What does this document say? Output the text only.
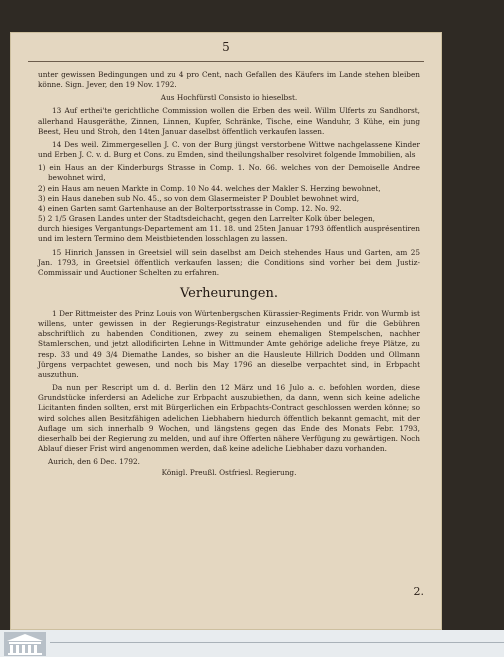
5

unter gewissen Bedingungen und zu 4 pro Cent, nach Gefallen des Käufers im Lande stehen bleiben könne. Sign. Jever, den 19 Nov. 1792.

Aus Hochfürstl Consisto io hieselbst.

13 Auf erthei'te gerichtliche Commission wollen die Erben des weil. Willm Ulferts zu Sandhorst, allerhand Hausgeräthe, Zinnen, Linnen, Kupfer, Schränke, Tische, eine Wanduhr, 3 Kühe, ein jung Beest, Heu und Stroh, den 14ten Januar daselbst öffentlich verkaufen lassen.

14 Des weil. Zimmergesellen J. C. von der Burg jüngst verstorbene Wittwe nachgelassene Kinder und Erben J. C. v. d. Burg et Cons. zu Emden, sind theilungshalber resolviret folgende Immobilien, als

1) ein Haus an der Kinderburgs Strasse in Comp. 1. No. 66. welches von der Demoiselle Andree bewohnet wird,

2) ein Haus am neuen Markte in Comp. 10 No 44. welches der Makler S. Herzing bewohnet,

3) ein Haus daneben sub No. 45., so von dem Glasermeister P Doublet bewohnet wird,

4) einen Garten samt Gartenhause an der Bolterportsstrasse in Comp. 12. No. 92.

5) 2 1/5 Grasen Landes unter der Stadtsdeichacht, gegen den Larrelter Kolk über belegen,

durch hiesiges Vergantungs-Departement am 11. 18. und 25ten Januar 1793 öffentlich ausprésentiren und im lestern Termino dem Meistbietenden losschlagen zu lassen.

15 Hinrich Janssen in Greetsiel will sein daselbst am Deich stehendes Haus und Garten, am 25 Jan. 1793, in Greetsiel öffentlich verkaufen lassen; die Conditions sind vorher bei dem Justiz-Commissair und Auctioner Schelten zu erfahren.

Verheurungen.

1 Der Rittmeister des Prinz Louis von Würtenbergschen Kürassier-Regiments Fridr. von Wurmb ist willens, unter gewissen in der Regierungs-Registratur einzusehenden und für die Gebühren abschriftlich zu habenden Conditionen, zwey zu seinem ehemaligen Stempelschen, nachher Stamlerschen, und jetzt allodificirten Lehne in Wittmunder Amte gehörige adeliche freye Plätze, zu resp. 33 und 49 3/4 Diemathe Landes, so bisher an die Hausleute Hillrich Dodden und Ollmann Jürgens verpachtet gewesen, und noch bis May 1796 an dieselbe verpachtet sind, in Erbpacht auszuthun.

Da nun per Rescript um d. d. Berlin den 12 März und 16 Julo a. c. befohlen worden, diese Grundstücke inferdersi an Adeliche zur Erbpacht auszubiethen, da dann, wenn sich keine adeliche Licitanten finden sollten, erst mit Bürgerlichen ein Erbpachts-Contract geschlossen werden könne; so wird solches allen Besitzfähigen adelichen Liebhabern hiedurch öffentlich bekannt gemacht, mit der Auflage um sich innerhalb 9 Wochen, und längstens gegen das Ende des Monats Febr. 1793, dieserhalb bei der Regierung zu melden, und auf ihre Offerten nähere Verfügung zu gewärtigen. Noch Ablauf dieser Frist wird angenommen werden, daß keine adeliche Liebhaber dazu vorhanden.

Aurich, den 6 Dec. 1792.
Königl. Preußl. Ostfriesl. Regierung.
2.
